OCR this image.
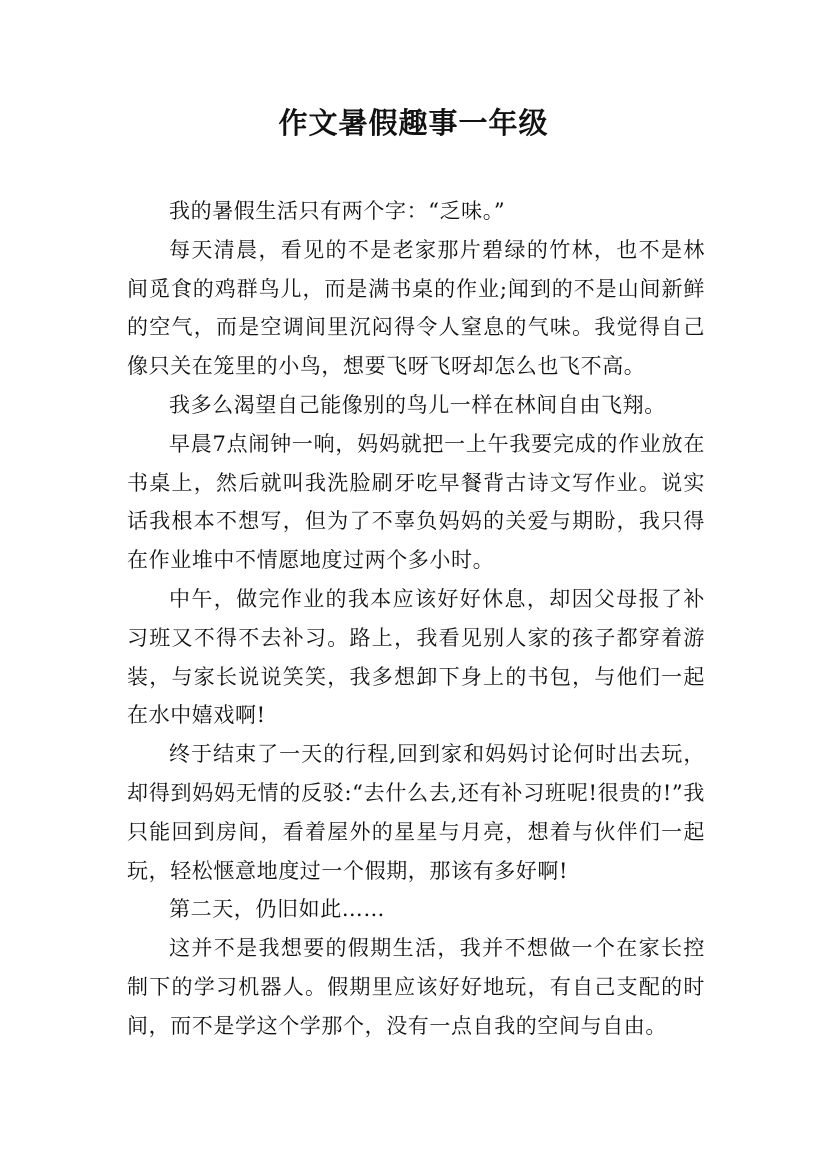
作文暑假趣事一年级

我的暑假生活只有两个字：“乏味。”

每天清晨，看见的不是老家那片碧绿的竹林，也不是林间觅食的鸡群鸟儿，而是满书桌的作业;闻到的不是山间新鲜的空气，而是空调间里沉闷得令人窒息的气味。我觉得自己像只关在笼里的小鸟，想要飞呀飞呀却怎么也飞不高。

我多么渴望自己能像别的鸟儿一样在林间自由飞翔。

早晨7点闹钟一响，妈妈就把一上午我要完成的作业放在书桌上，然后就叫我洗脸刷牙吃早餐背古诗文写作业。说实话我根本不想写，但为了不辜负妈妈的关爱与期盼，我只得在作业堆中不情愿地度过两个多小时。

中午，做完作业的我本应该好好休息，却因父母报了补习班又不得不去补习。路上，我看见别人家的孩子都穿着游装，与家长说说笑笑，我多想卸下身上的书包，与他们一起在水中嬉戏啊!

终于结束了一天的行程,回到家和妈妈讨论何时出去玩，却得到妈妈无情的反驳:“去什么去,还有补习班呢!很贵的!”我只能回到房间，看着屋外的星星与月亮，想着与伙伴们一起玩，轻松惬意地度过一个假期，那该有多好啊!

第二天，仍旧如此……

这并不是我想要的假期生活，我并不想做一个在家长控制下的学习机器人。假期里应该好好地玩，有自己支配的时间，而不是学这个学那个，没有一点自我的空间与自由。
